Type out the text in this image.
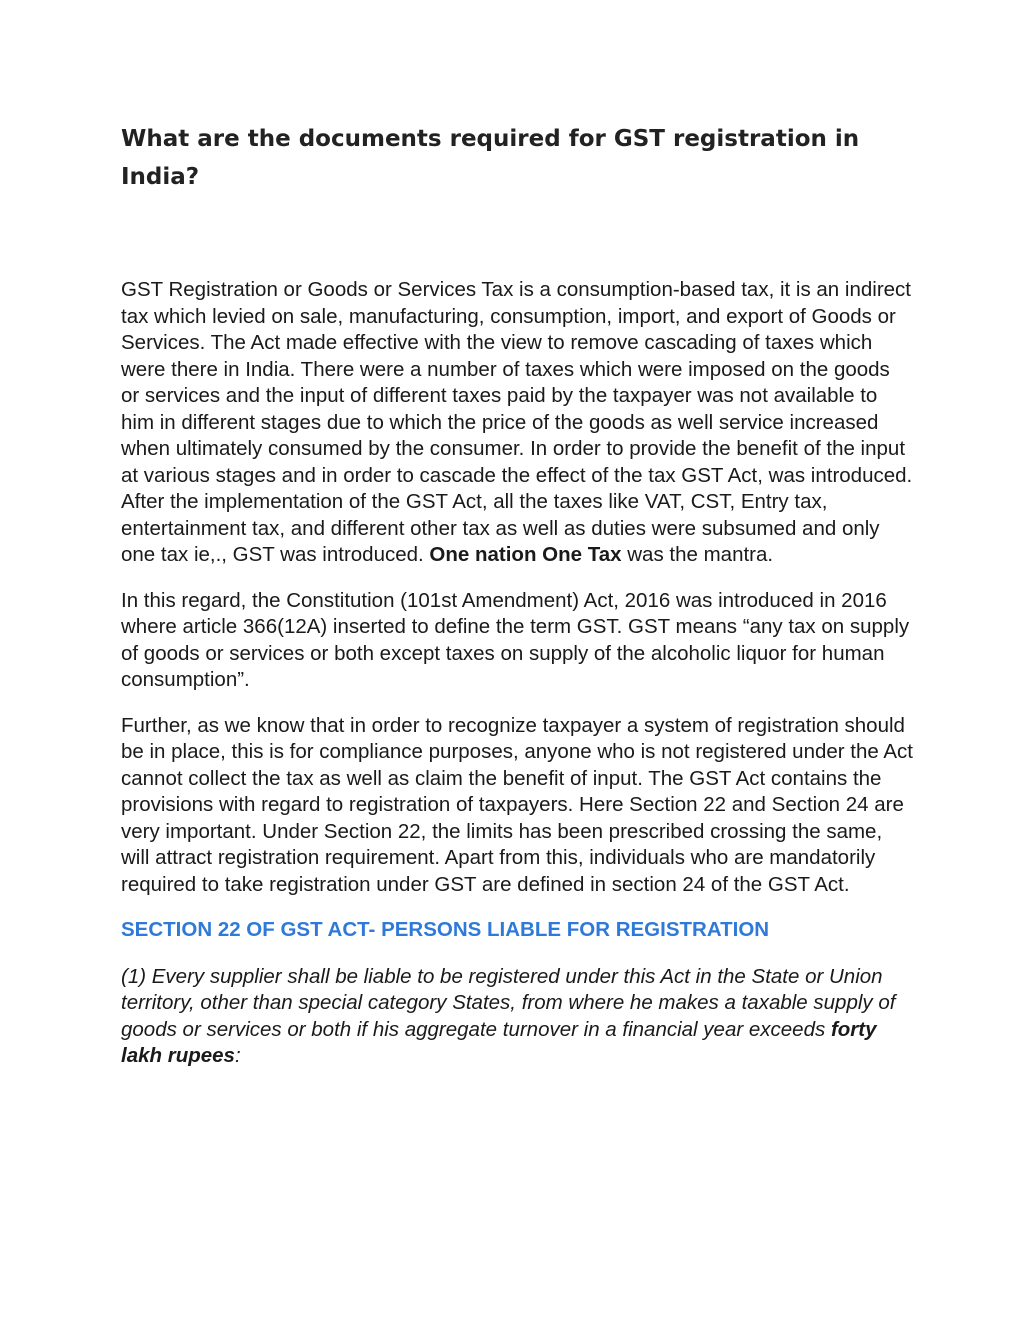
What are the documents required for GST registration in India?

GST Registration or Goods or Services Tax is a consumption-based tax, it is an indirect tax which levied on sale, manufacturing, consumption, import, and export of Goods or Services. The Act made effective with the view to remove cascading of taxes which were there in India. There were a number of taxes which were imposed on the goods or services and the input of different taxes paid by the taxpayer was not available to him in different stages due to which the price of the goods as well service increased when ultimately consumed by the consumer. In order to provide the benefit of the input at various stages and in order to cascade the effect of the tax GST Act, was introduced. After the implementation of the GST Act, all the taxes like VAT, CST, Entry tax, entertainment tax, and different other tax as well as duties were subsumed and only one tax ie,., GST was introduced. One nation One Tax was the mantra.

In this regard, the Constitution (101st Amendment) Act, 2016 was introduced in 2016 where article 366(12A) inserted to define the term GST. GST means “any tax on supply of goods or services or both except taxes on supply of the alcoholic liquor for human consumption”.

Further, as we know that in order to recognize taxpayer a system of registration should be in place, this is for compliance purposes, anyone who is not registered under the Act cannot collect the tax as well as claim the benefit of input. The GST Act contains the provisions with regard to registration of taxpayers. Here Section 22 and Section 24 are very important. Under Section 22, the limits has been prescribed crossing the same, will attract registration requirement. Apart from this, individuals who are mandatorily required to take registration under GST are defined in section 24 of the GST Act.

SECTION 22 OF GST ACT- PERSONS LIABLE FOR REGISTRATION

(1) Every supplier shall be liable to be registered under this Act in the State or Union territory, other than special category States, from where he makes a taxable supply of goods or services or both if his aggregate turnover in a financial year exceeds forty lakh rupees:
